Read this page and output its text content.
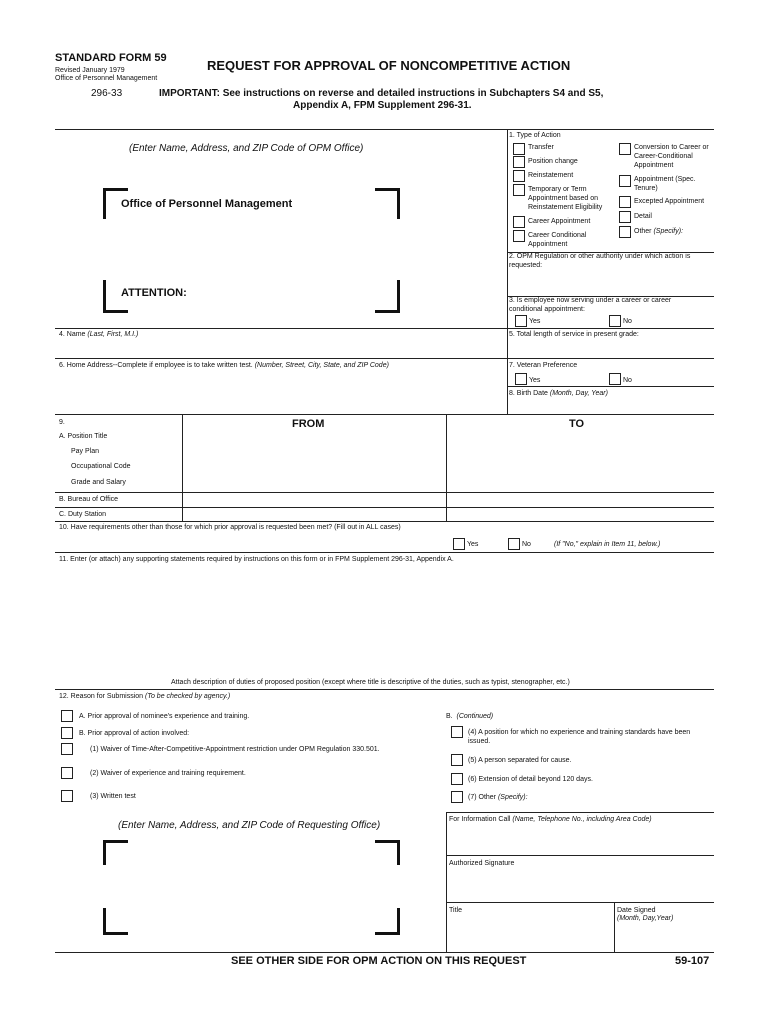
STANDARD FORM 59
Revised January 1979
Office of Personnel Management
296-33
REQUEST FOR APPROVAL OF NONCOMPETITIVE ACTION
IMPORTANT: See instructions on reverse and detailed instructions in Subchapters S4 and S5,
Appendix A, FPM Supplement 296-31.
(Enter Name, Address, and ZIP Code of OPM Office)
Office of Personnel Management
ATTENTION:
1. Type of Action
Transfer
Position change
Reinstatement
Temporary or Term Appointment based on Reinstatement Eligibility
Career Appointment
Career Conditional Appointment
Conversion to Career or Career-Conditional Appointment
Appointment (Spec. Tenure)
Excepted Appointment
Detail
Other (Specify):
2. OPM Regulation or other authority under which action is requested:
3. Is employee now serving under a career or career conditional appointment:
Yes	No
4. Name (Last, First, M.I.)	5. Total length of service in present grade:
6. Home Address--Complete if employee is to take written test. (Number, Street, City, State, and ZIP Code)	7. Veteran Preference
Yes	No
8. Birth Date (Month, Day, Year)
9.	FROM	TO
A. Position Title
Pay Plan
Occupational Code
Grade and Salary
B. Bureau of Office
C. Duty Station
10. Have requirements other than those for which prior approval is requested been met? (Fill out in ALL cases)
Yes	No	(If "No," explain in Item 11, below.)
11. Enter (or attach) any supporting statements required by instructions on this form or in FPM Supplement 296-31, Appendix A.
Attach description of duties of proposed position (except where title is descriptive of the duties, such as typist, stenographer, etc.)
12. Reason for Submission (To be checked by agency.)
A. Prior approval of nominee's experience and training.
B. Prior approval of action involved:
(1) Waiver of Time-After-Competitive-Appointment restriction under OPM Regulation 330.501.
(2) Waiver of experience and training requirement.
(3) Written test
B. (Continued)
(4) A position for which no experience and training standards have been issued.
(5) A person separated for cause.
(6) Extension of detail beyond 120 days.
(7) Other (Specify):
(Enter Name, Address, and ZIP Code of Requesting Office)
For Information Call (Name, Telephone No., including Area Code)
Authorized Signature
Title	Date Signed
(Month, Day,Year)
SEE OTHER SIDE FOR OPM ACTION ON THIS REQUEST	59-107
